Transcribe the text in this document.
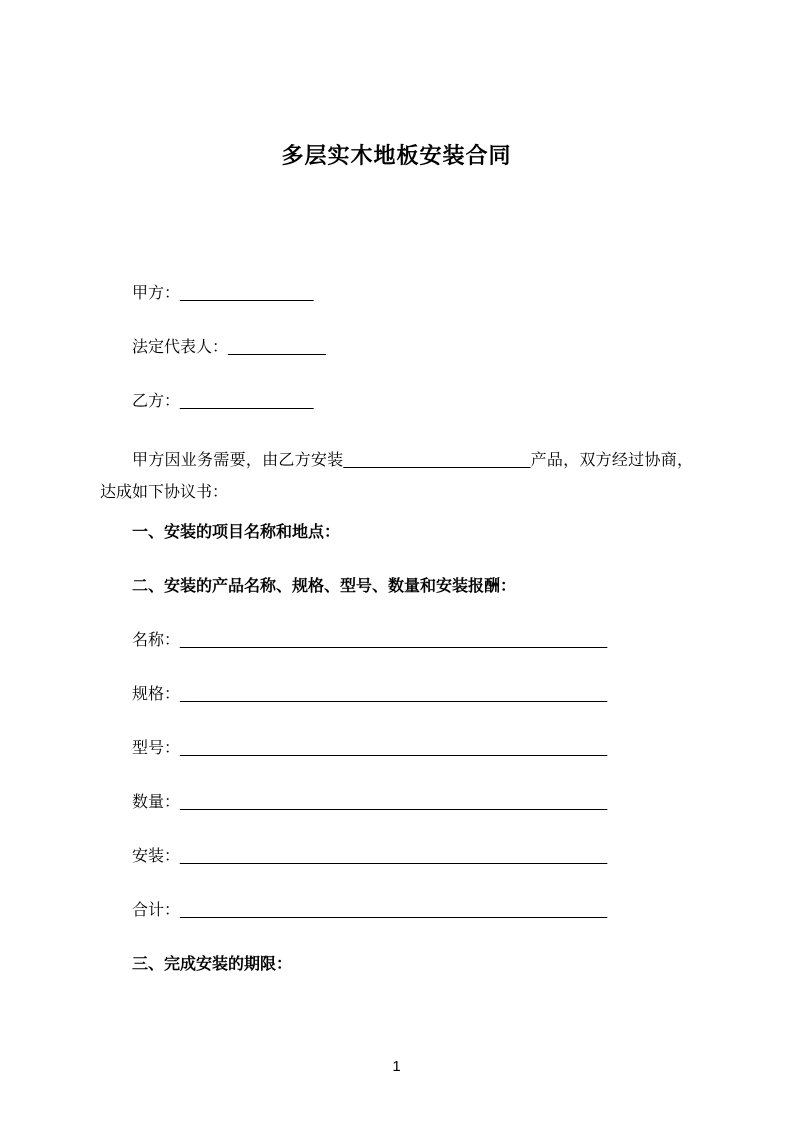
多层实木地板安装合同
甲方：_______________
法定代表人：___________
乙方：_______________

甲方因业务需要，由乙方安装_____________________产品，双方经过协商，达成如下协议书：

一、安装的项目名称和地点：
二、安装的产品名称、规格、型号、数量和安装报酬：
名称：________________________________________________
规格：________________________________________________
型号：________________________________________________
数量：________________________________________________
安装：________________________________________________
合计：________________________________________________
三、完成安装的期限：
1
